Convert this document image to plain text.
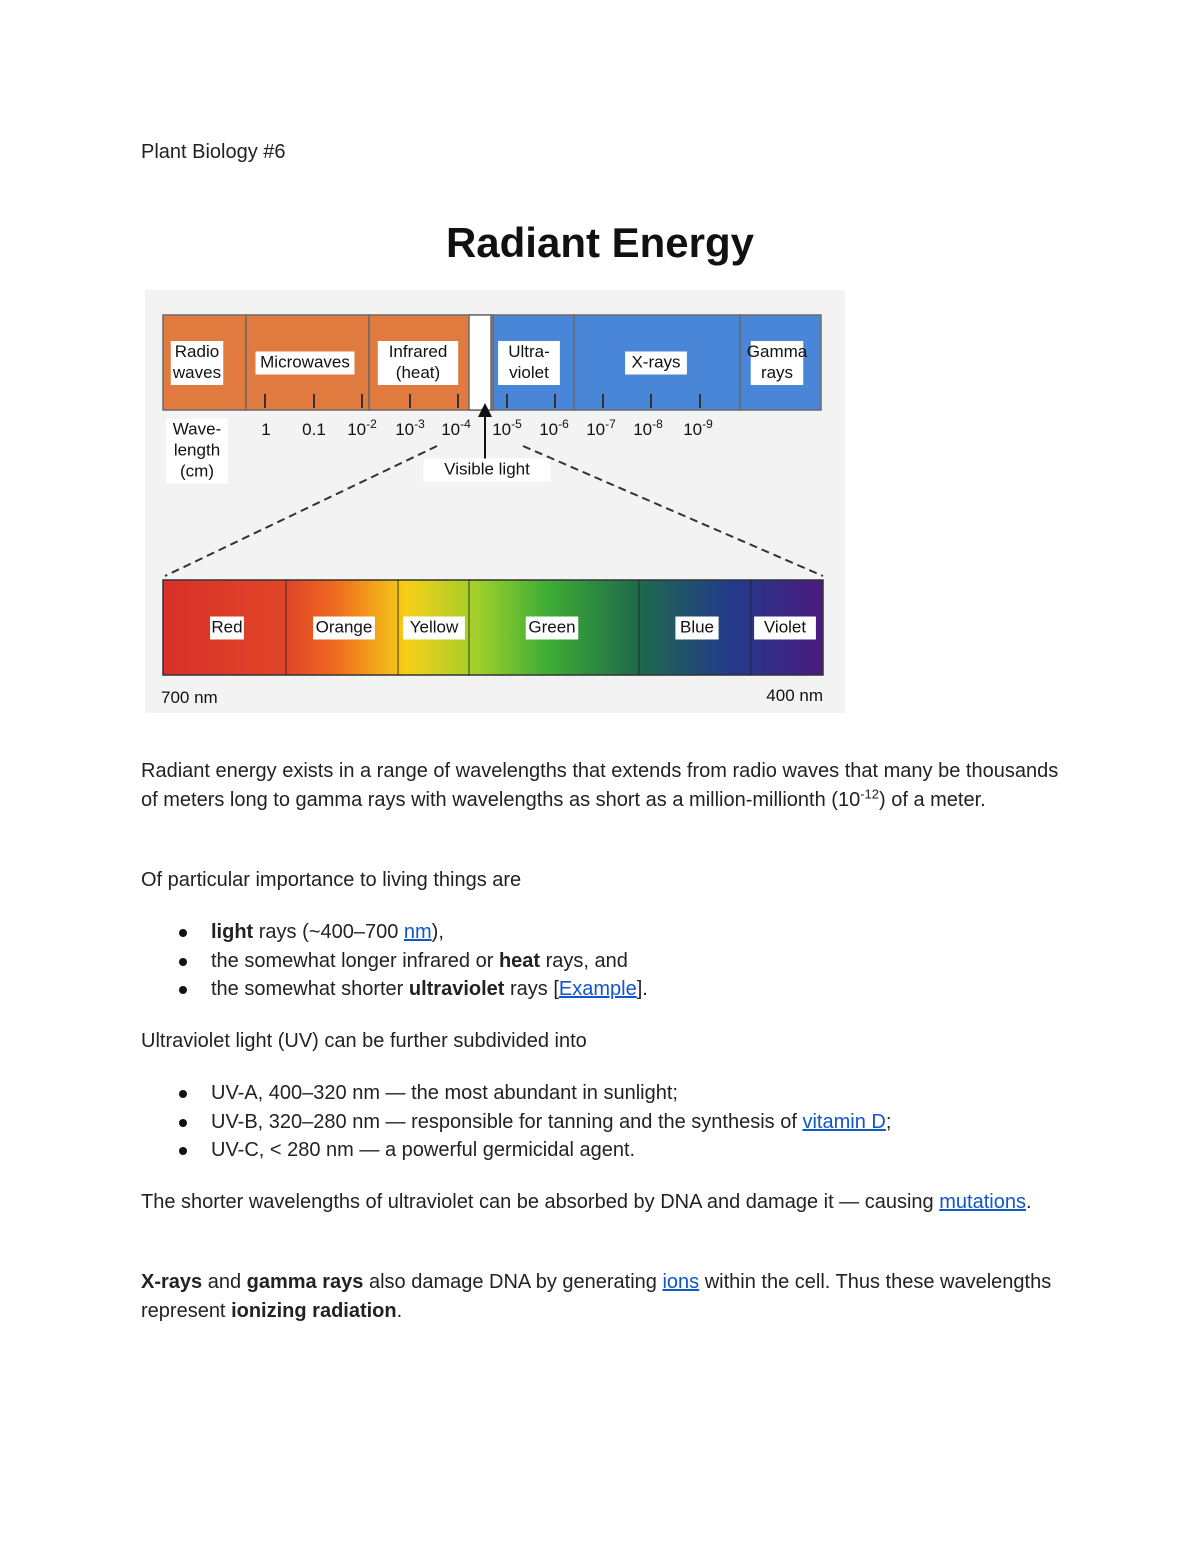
Plant Biology #6
Radiant Energy
Radio
waves
Microwaves
Infrared
(heat)
Ultra-
violet
X-rays
Gamma
rays
1 0.1 $10^{-2}$ $10^{-3}$ $10^{-4}$ $10^{-5}$ $10^{-6}$ $10^{-7}$ $10^{-8}$ $10^{-9}$
Wave-
length
(cm)	Visible light
Red	Orange Yellow	Green	Blue	Violet
700 nm	400 nm

Radiant energy exists in a range of wavelengths that extends from radio waves that many be thousands of meters long to gamma rays with wavelengths as short as a million-millionth $(10^{-12})$ of a meter.

Of particular importance to living things are

light rays (~400–700 nm),
the somewhat longer infrared or heat rays, and
the somewhat shorter ultraviolet rays [Example].

Ultraviolet light (UV) can be further subdivided into

UV-A, 400–320 nm — the most abundant in sunlight;
UV-B, 320–280 nm — responsible for tanning and the synthesis of vitamin D;
UV-C, < 280 nm — a powerful germicidal agent.

The shorter wavelengths of ultraviolet can be absorbed by DNA and damage it — causing mutations.

X-rays and gamma rays also damage DNA by generating ions within the cell. Thus these wavelengths represent ionizing radiation.
